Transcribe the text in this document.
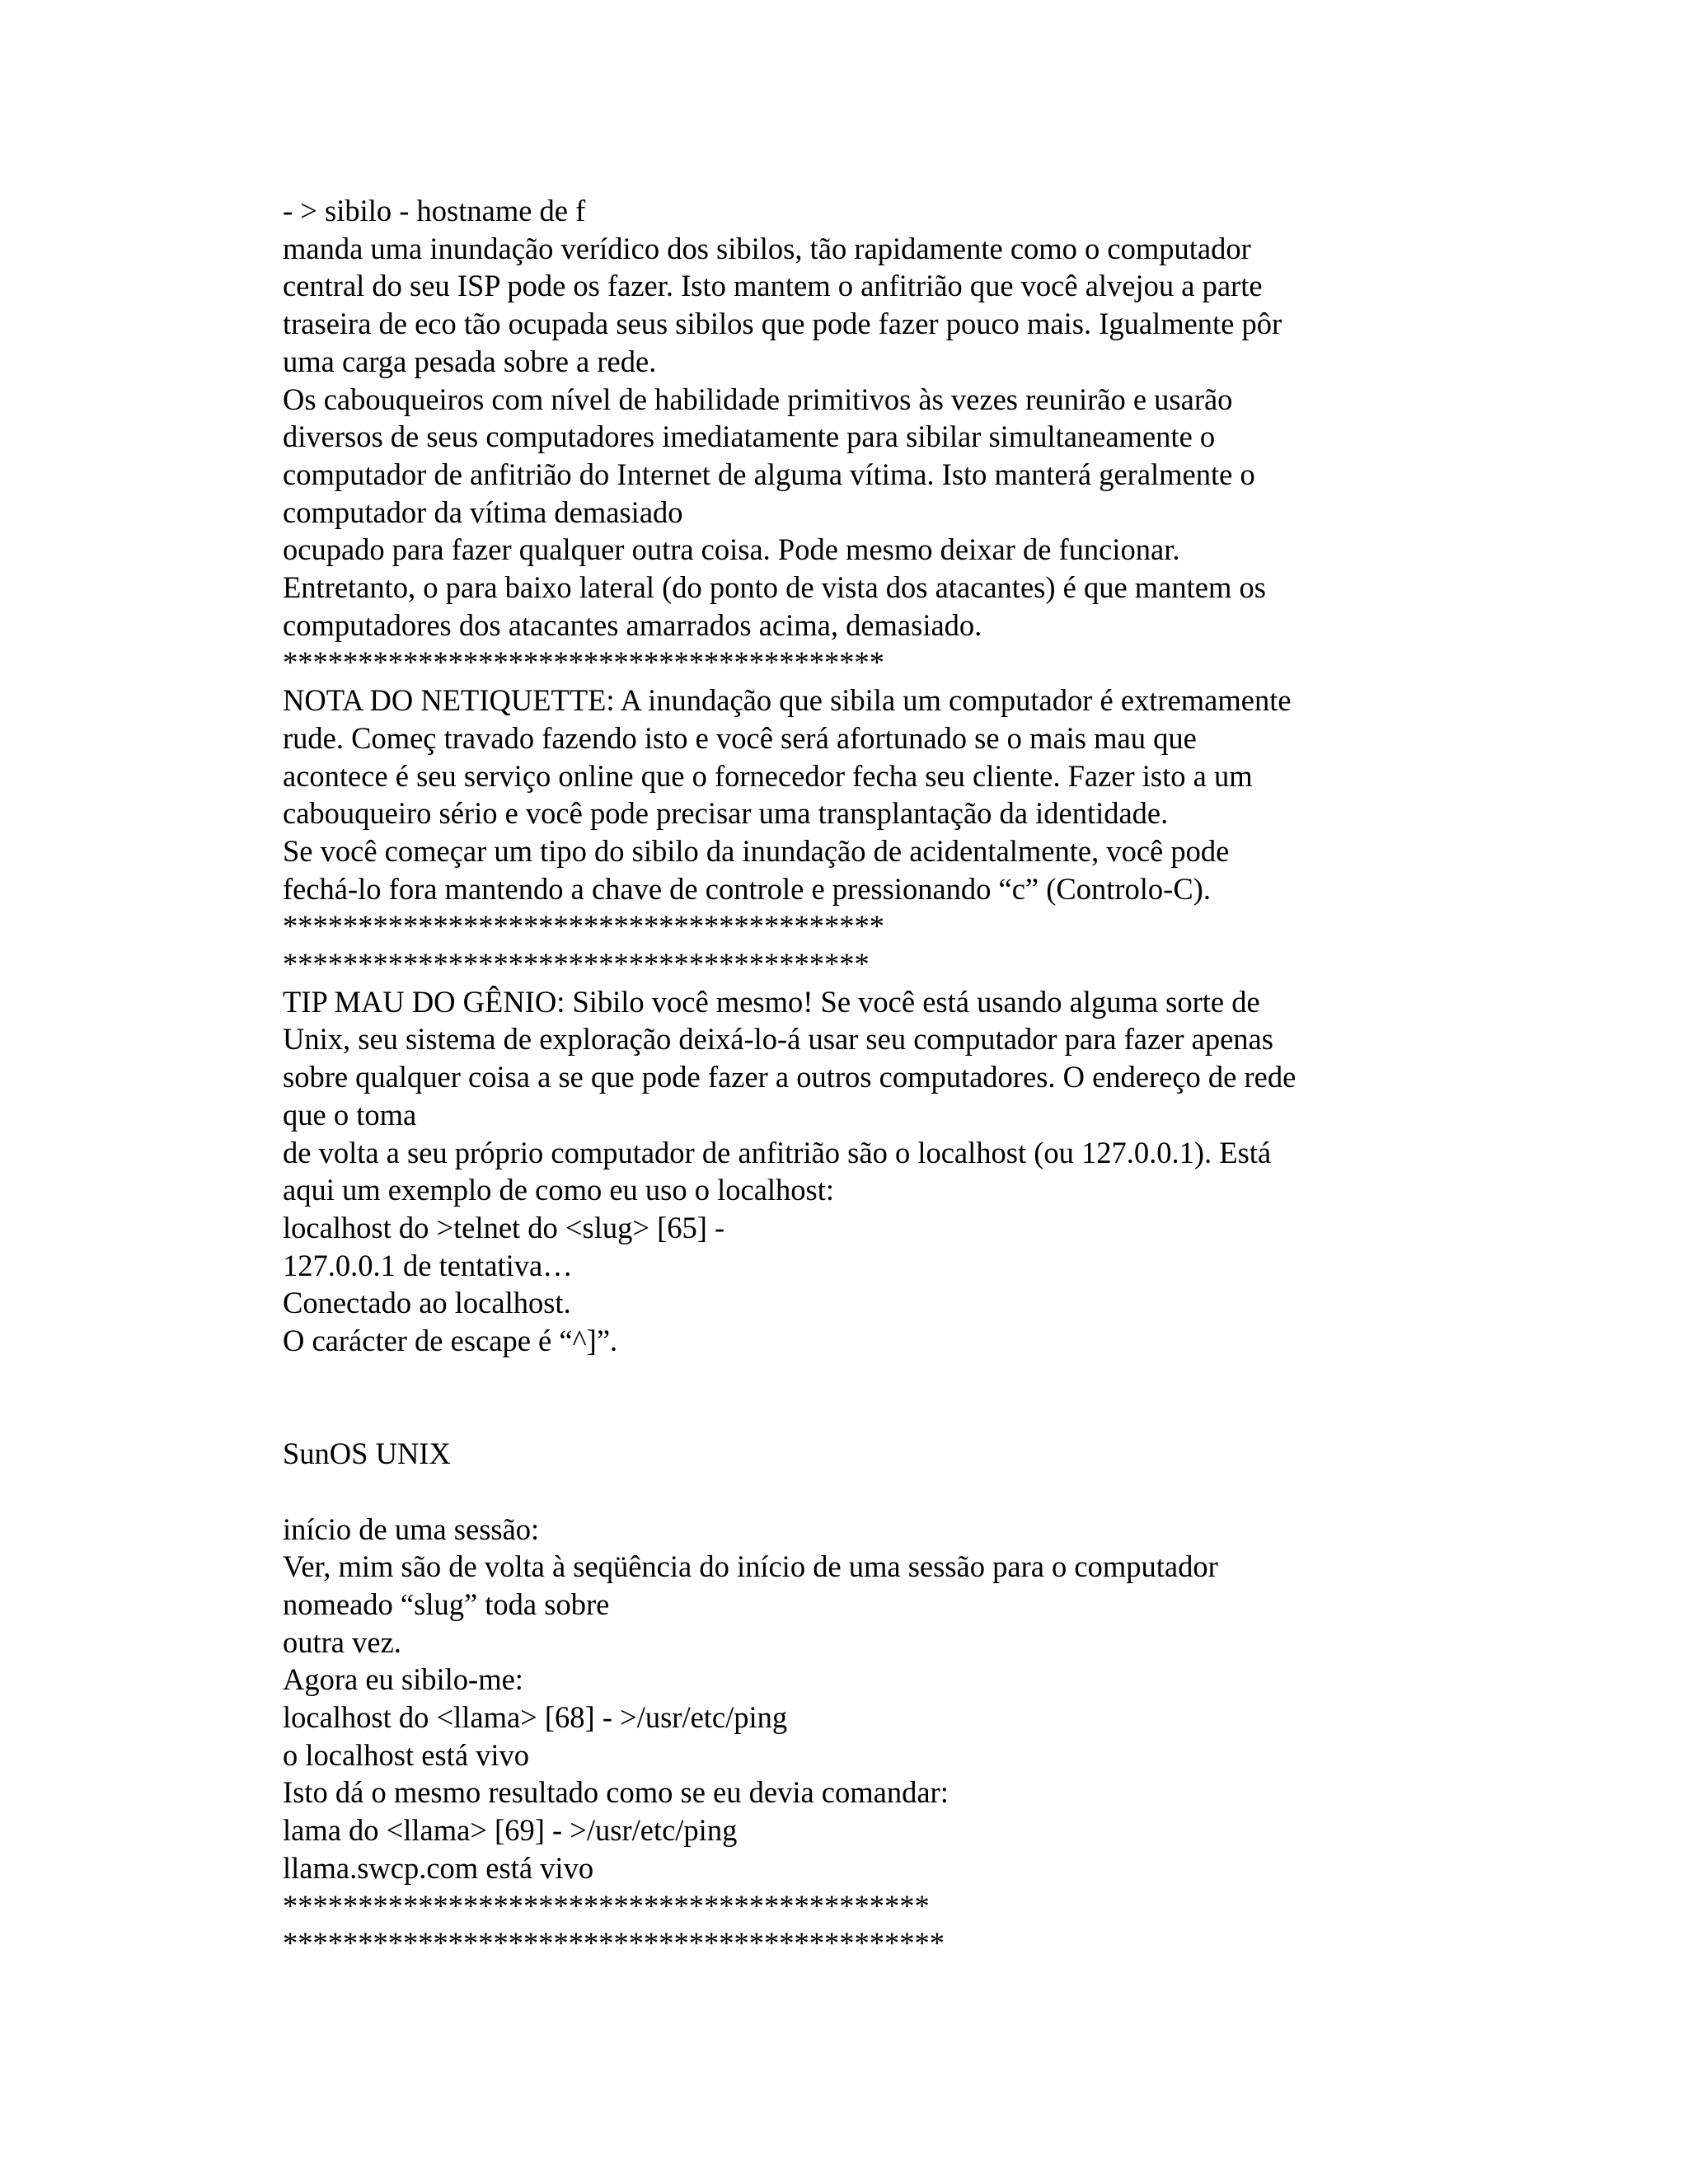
- > sibilo - hostname de f
manda uma inundação verídico dos sibilos, tão rapidamente como o computador
central do seu ISP pode os fazer. Isto mantem o anfitrião que você alvejou a parte
traseira de eco tão ocupada seus sibilos que pode fazer pouco mais. Igualmente pôr
uma carga pesada sobre a rede.
Os cabouqueiros com nível de habilidade primitivos às vezes reunirão e usarão
diversos de seus computadores imediatamente para sibilar simultaneamente o
computador de anfitrião do Internet de alguma vítima. Isto manterá geralmente o
computador da vítima demasiado
ocupado para fazer qualquer outra coisa. Pode mesmo deixar de funcionar.
Entretanto, o para baixo lateral (do ponto de vista dos atacantes) é que mantem os
computadores dos atacantes amarrados acima, demasiado.
****************************************
NOTA DO NETIQUETTE: A inundação que sibila um computador é extremamente
rude. Começ travado fazendo isto e você será afortunado se o mais mau que
acontece é seu serviço online que o fornecedor fecha seu cliente. Fazer isto a um
cabouqueiro sério e você pode precisar uma transplantação da identidade.
Se você começar um tipo do sibilo da inundação de acidentalmente, você pode
fechá-lo fora mantendo a chave de controle e pressionando “c” (Controlo-C).
****************************************
***************************************
TIP MAU DO GÊNIO: Sibilo você mesmo! Se você está usando alguma sorte de
Unix, seu sistema de exploração deixá-lo-á usar seu computador para fazer apenas
sobre qualquer coisa a se que pode fazer a outros computadores. O endereço de rede
que o toma
de volta a seu próprio computador de anfitrião são o localhost (ou 127.0.0.1). Está
aqui um exemplo de como eu uso o localhost:
localhost do >telnet do <slug> [65] -
127.0.0.1 de tentativa…
Conectado ao localhost.
O carácter de escape é “^]”.
SunOS UNIX
início de uma sessão:
Ver, mim são de volta à seqüência do início de uma sessão para o computador
nomeado “slug” toda sobre
outra vez.
Agora eu sibilo-me:
localhost do <llama> [68] - >/usr/etc/ping
o localhost está vivo
Isto dá o mesmo resultado como se eu devia comandar:
lama do <llama> [69] - >/usr/etc/ping
llama.swcp.com está vivo
*******************************************
********************************************
